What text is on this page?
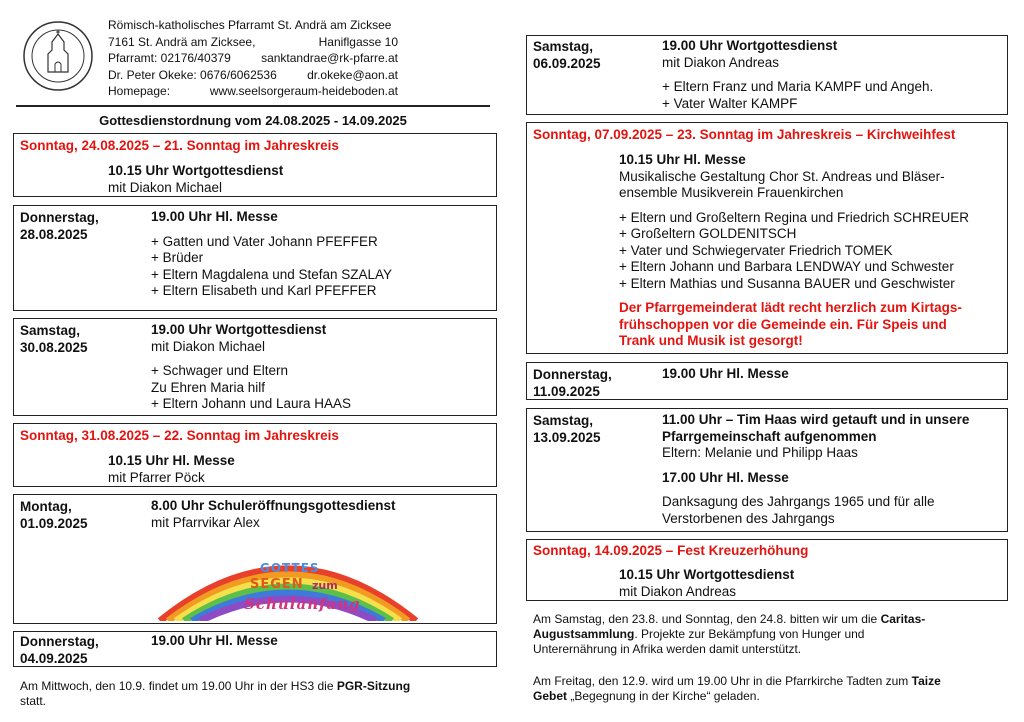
Römisch-katholisches Pfarramt St. Andrä am Zicksee
7161 St. Andrä am Zicksee,	Haniflgasse 10
Pfarramt: 02176/40379	sanktandrae@rk-pfarre.at
Dr. Peter Okeke: 0676/6062536	dr.okeke@aon.at
Homepage:	www.seelsorgeraum-heideboden.at
Gottesdienstordnung vom 24.08.2025 - 14.09.2025
Sonntag, 24.08.2025 – 21. Sonntag im Jahreskreis
10.15 Uhr Wortgottesdienst
mit Diakon Michael
Donnerstag,
28.08.2025
19.00 Uhr Hl. Messe
+ Gatten und Vater Johann PFEFFER
+ Brüder
+ Eltern Magdalena und Stefan SZALAY
+ Eltern Elisabeth und Karl PFEFFER
Samstag,
30.08.2025
19.00 Uhr Wortgottesdienst
mit Diakon Michael
+ Schwager und Eltern
Zu Ehren Maria hilf
+ Eltern Johann und Laura HAAS
Sonntag, 31.08.2025 – 22. Sonntag im Jahreskreis
10.15 Uhr Hl. Messe
mit Pfarrer Pöck
Montag,
01.09.2025
8.00 Uhr Schuleröffnungsgottesdienst
mit Pfarrvikar Alex
GOTTES
SEGEN zum
Schulanfang
Donnerstag,
04.09.2025
19.00 Uhr Hl. Messe
Am Mittwoch, den 10.9. findet um 19.00 Uhr in der HS3 die PGR-Sitzung
statt.
Samstag,
06.09.2025
19.00 Uhr Wortgottesdienst
mit Diakon Andreas
+ Eltern Franz und Maria KAMPF und Angeh.
+ Vater Walter KAMPF
Sonntag, 07.09.2025 – 23. Sonntag im Jahreskreis – Kirchweihfest
10.15 Uhr Hl. Messe
Musikalische Gestaltung Chor St. Andreas und Bläser-
ensemble Musikverein Frauenkirchen
+ Eltern und Großeltern Regina und Friedrich SCHREUER
+ Großeltern GOLDENITSCH
+ Vater und Schwiegervater Friedrich TOMEK
+ Eltern Johann und Barbara LENDWAY und Schwester
+ Eltern Mathias und Susanna BAUER und Geschwister
Der Pfarrgemeinderat lädt recht herzlich zum Kirtags-
frühschoppen vor die Gemeinde ein. Für Speis und
Trank und Musik ist gesorgt!
Donnerstag,
11.09.2025
19.00 Uhr Hl. Messe
Samstag,
13.09.2025
11.00 Uhr – Tim Haas wird getauft und in unsere
Pfarrgemeinschaft aufgenommen
Eltern: Melanie und Philipp Haas
17.00 Uhr Hl. Messe
Danksagung des Jahrgangs 1965 und für alle
Verstorbenen des Jahrgangs
Sonntag, 14.09.2025 – Fest Kreuzerhöhung
10.15 Uhr Wortgottesdienst
mit Diakon Andreas
Am Samstag, den 23.8. und Sonntag, den 24.8. bitten wir um die Caritas-
Augustsammlung. Projekte zur Bekämpfung von Hunger und
Unterernährung in Afrika werden damit unterstützt.
Am Freitag, den 12.9. wird um 19.00 Uhr in die Pfarrkirche Tadten zum Taize
Gebet „Begegnung in der Kirche“ geladen.
